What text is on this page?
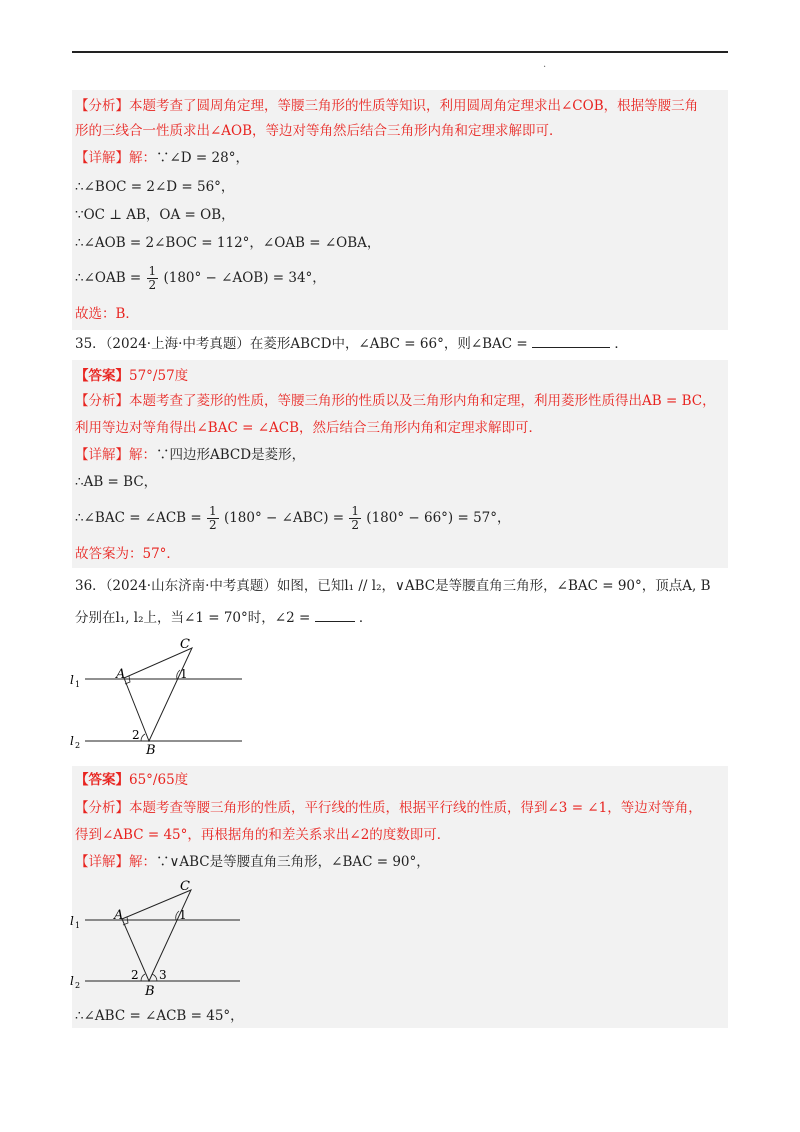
.
【分析】本题考查了圆周角定理，等腰三角形的性质等知识，利用圆周角定理求出∠COB，根据等腰三角
形的三线合一性质求出∠AOB，等边对等角然后结合三角形内角和定理求解即可．
【详解】解：∵∠D = 28°，
∴∠BOC = 2∠D = 56°，
∵OC ⊥ AB，OA = OB，
∴∠AOB = 2∠BOC = 112°，∠OAB = ∠OBA，
∴∠OAB = $\frac{1}{2} (180^\circ$ − ∠AOB) = 34°，
故选：B．
35．（2024·上海·中考真题）在菱形ABCD中，∠ABC = 66°，则∠BAC =	．
【答案】57°/57度
【分析】本题考查了菱形的性质，等腰三角形的性质以及三角形内角和定理，利用菱形性质得出AB = BC，
利用等边对等角得出∠BAC = ∠ACB，然后结合三角形内角和定理求解即可．
【详解】解：∵四边形ABCD是菱形，
∴AB = BC，
∴∠BAC = ∠ACB = $\frac{1}{2} (180^\circ$ − ∠ABC) = $\frac{1}{2} (180^\circ - 66^\circ) = 57^\circ$，
故答案为：57°．
36．（2024·山东济南·中考真题）如图，已知l₁ // l₂，∨ABC是等腰直角三角形，∠BAC = 90°，顶点A, B
分别在l₁, l₂上，当∠1 = 70°时，∠2 =	．
C
A
B
1
2
l 1
l 2
【答案】65°/65度
【分析】本题考查等腰三角形的性质，平行线的性质，根据平行线的性质，得到∠3 = ∠1，等边对等角，
得到∠ABC = 45°，再根据角的和差关系求出∠2的度数即可．
【详解】解：∵∨ABC是等腰直角三角形，∠BAC = 90°，
C
A
B
1
2 3
l 1
l 2
∴∠ABC = ∠ACB = 45°，
